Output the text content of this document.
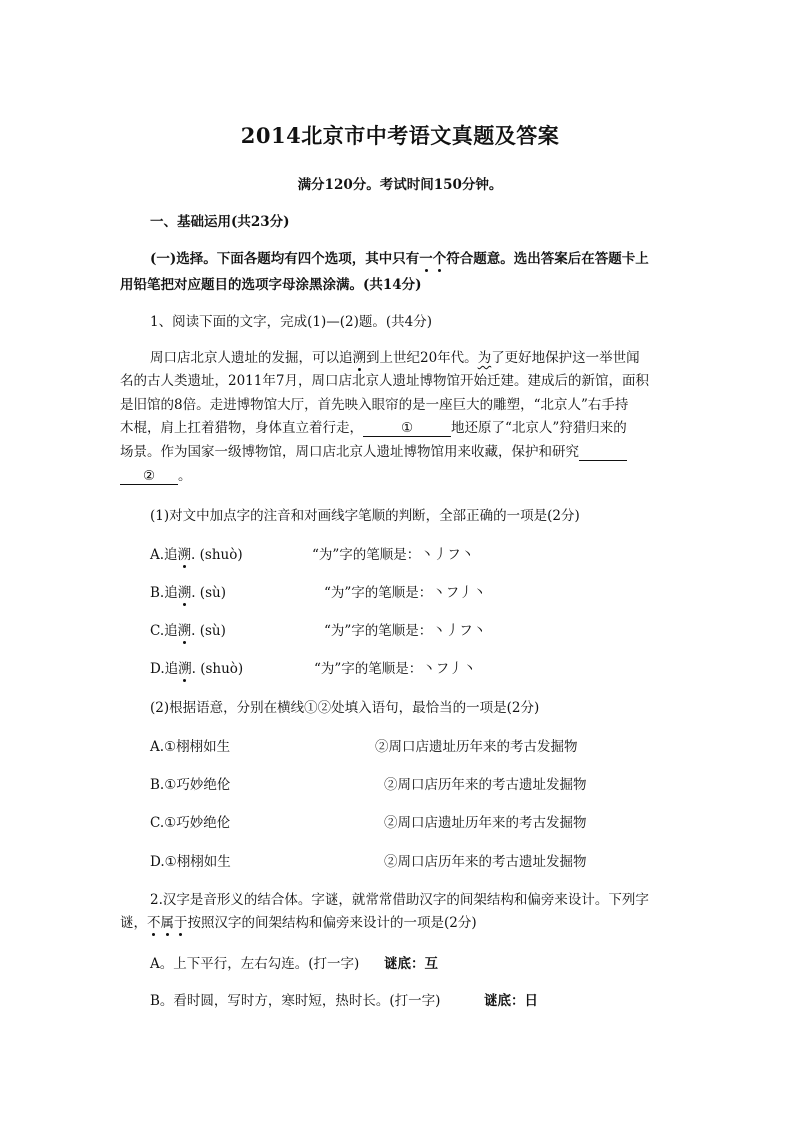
2014北京市中考语文真题及答案
满分120分。考试时间150分钟。
一、基础运用(共23分)
(一)选择。下面各题均有四个选项，其中只有一个符合题意。选出答案后在答题卡上
用铅笔把对应题目的选项字母涂黑涂满。(共14分)
1、阅读下面的文字，完成(1)—(2)题。(共4分)
周口店北京人遗址的发掘，可以追溯到上世纪20年代。为了更好地保护这一举世闻
名的古人类遗址，2011年7月，周口店北京人遗址博物馆开始迁建。建成后的新馆，面积
是旧馆的8倍。走进博物馆大厅，首先映入眼帘的是一座巨大的雕塑，“北京人”右手持
木棍，肩上扛着猎物，身体直立着行走，	①	地还原了“北京人”狩猎归来的
场景。作为国家一级博物馆，周口店北京人遗址博物馆用来收藏，保护和研究
② 。
(1)对文中加点字的注音和对画线字笔顺的判断，全部正确的一项是(2分)
A.追溯. (shuò)	“为”字的笔顺是：丶丿フ丶
B.追溯. (sù)	“为”字的笔顺是：丶フ丿丶
C.追溯. (sù)	“为”字的笔顺是：丶丿フ丶
D.追溯. (shuò)	“为”字的笔顺是：丶フ丿丶
(2)根据语意，分别在横线①②处填入语句，最恰当的一项是(2分)
A.①栩栩如生	②周口店遗址历年来的考古发掘物
B.①巧妙绝伦	②周口店历年来的考古遗址发掘物
C.①巧妙绝伦	②周口店遗址历年来的考古发掘物
D.①栩栩如生	②周口店历年来的考古遗址发掘物
2.汉字是音形义的结合体。字谜，就常常借助汉字的间架结构和偏旁来设计。下列字
谜，不属于按照汉字的间架结构和偏旁来设计的一项是(2分)
A。上下平行，左右勾连。(打一字) 谜底：互
B。看时圆，写时方，寒时短，热时长。(打一字)	谜底：日
